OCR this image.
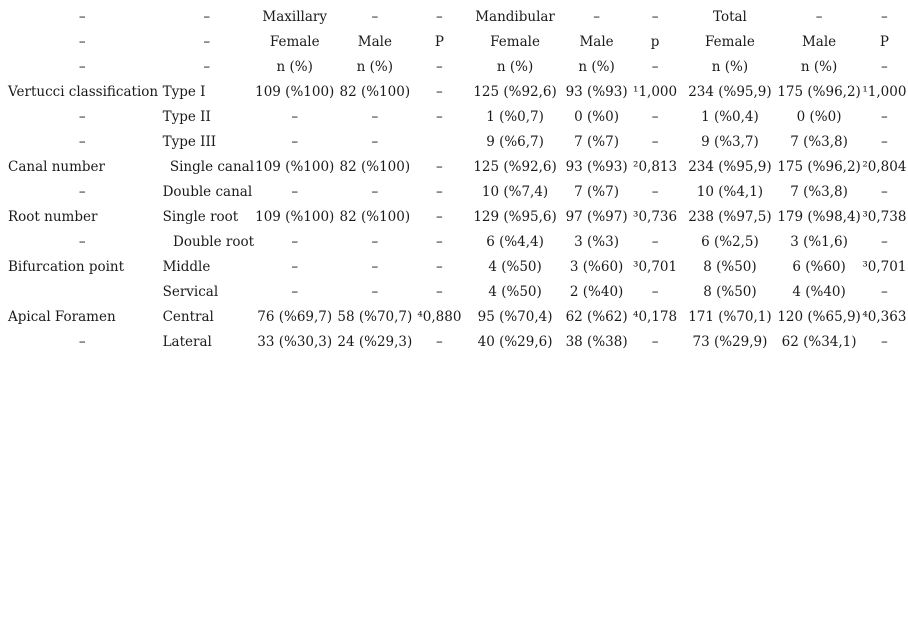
–	–	Maxillary	–	–	Mandibular	–	–	Total	–	–
–	–	Female	Male	P	Female	Male	p	Female	Male	P
–	–	n (%)	n (%)	–	n (%)	n (%)	–	n (%)	n (%)	–
Vertucci classification	Type I	109 (%100)	82 (%100)	–	125 (%92,6)	93 (%93)	¹1,000	234 (%95,9)	175 (%96,2)	¹1,000
–	Type II	–	–	–	1 (%0,7)	0 (%0)	–	1 (%0,4)	0 (%0)	–
–	Type III	–	–		9 (%6,7)	7 (%7)	–	9 (%3,7)	7 (%3,8)	–
Canal number	Single canal	109 (%100)	82 (%100)	–	125 (%92,6)	93 (%93)	²0,813	234 (%95,9)	175 (%96,2)	²0,804
–	Double canal	–	–	–	10 (%7,4)	7 (%7)	–	10 (%4,1)	7 (%3,8)	–
Root number	Single root	109 (%100)	82 (%100)	–	129 (%95,6)	97 (%97)	³0,736	238 (%97,5)	179 (%98,4)	³0,738
–	Double root	–	–	–	6 (%4,4)	3 (%3)	–	6 (%2,5)	3 (%1,6)	–
Bifurcation point	Middle	–	–	–	4 (%50)	3 (%60)	³0,701	8 (%50)	6 (%60)	³0,701
	Servical	–	–	–	4 (%50)	2 (%40)	–	8 (%50)	4 (%40)	–
Apical Foramen	Central	76 (%69,7)	58 (%70,7)	⁴0,880	95 (%70,4)	62 (%62)	⁴0,178	171 (%70,1)	120 (%65,9)	⁴0,363
–	Lateral	33 (%30,3)	24 (%29,3)	–	40 (%29,6)	38 (%38)	–	73 (%29,9)	62 (%34,1)	–
